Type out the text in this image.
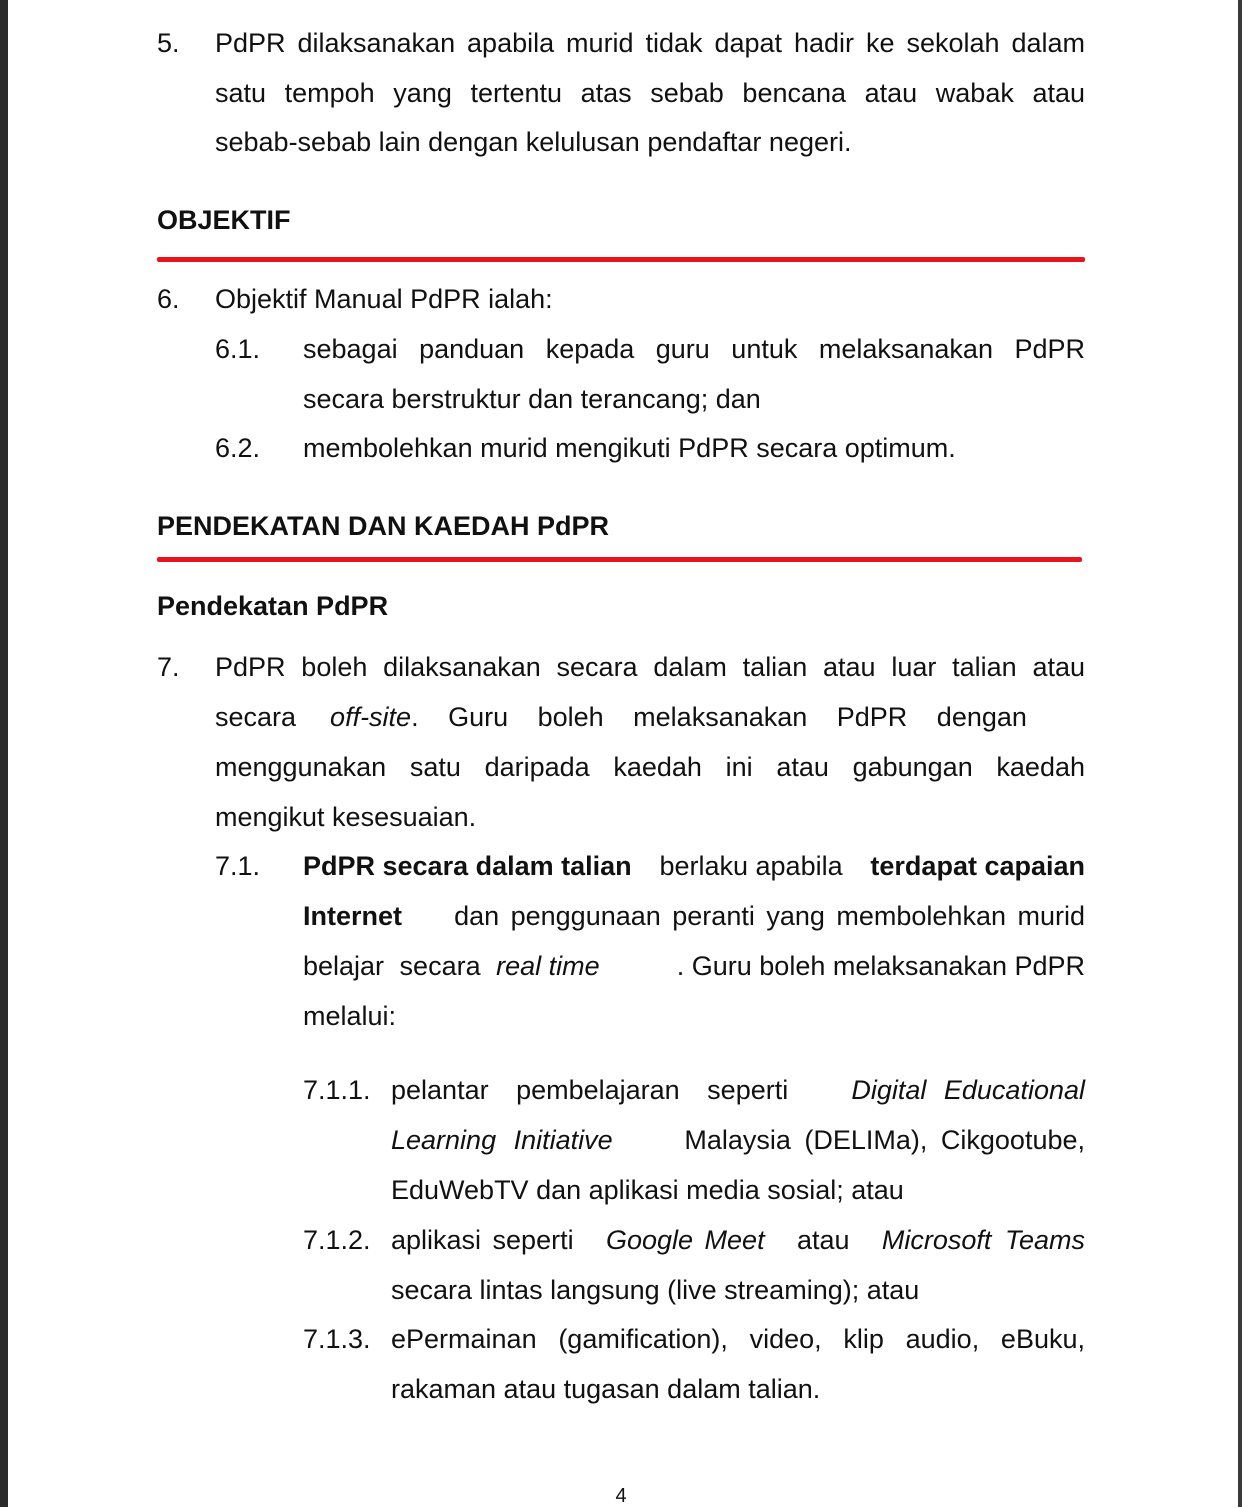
5. PdPR dilaksanakan apabila murid tidak dapat hadir ke sekolah dalam
satu tempoh yang tertentu atas sebab bencana atau wabak atau
sebab-sebab lain dengan kelulusan pendaftar negeri.
OBJEKTIF
6. Objektif Manual PdPR ialah:
6.1. sebagai panduan kepada guru untuk melaksanakan PdPR
secara berstruktur dan terancang; dan
6.2. membolehkan murid mengikuti PdPR secara optimum.
PENDEKATAN DAN KAEDAH PdPR
Pendekatan PdPR
7. PdPR boleh dilaksanakan secara dalam talian atau luar talian atau
secara off-site. Guru boleh melaksanakan PdPR dengan
menggunakan satu daripada kaedah ini atau gabungan kaedah
mengikut kesesuaian.
7.1. PdPR secara dalam talian berlaku apabila terdapat capaian
Internet dan penggunaan peranti yang membolehkan murid
belajar secara real time	. Guru boleh melaksanakan PdPR
melalui:
7.1.1. pelantar pembelajaran seperti Digital Educational
Learning Initiative	Malaysia (DELIMa), Cikgootube,
EduWebTV dan aplikasi media sosial; atau
7.1.2. aplikasi seperti Google Meet atau Microsoft Teams
secara lintas langsung (live streaming); atau
7.1.3. ePermainan (gamification), video, klip audio, eBuku,
rakaman atau tugasan dalam talian.
4
